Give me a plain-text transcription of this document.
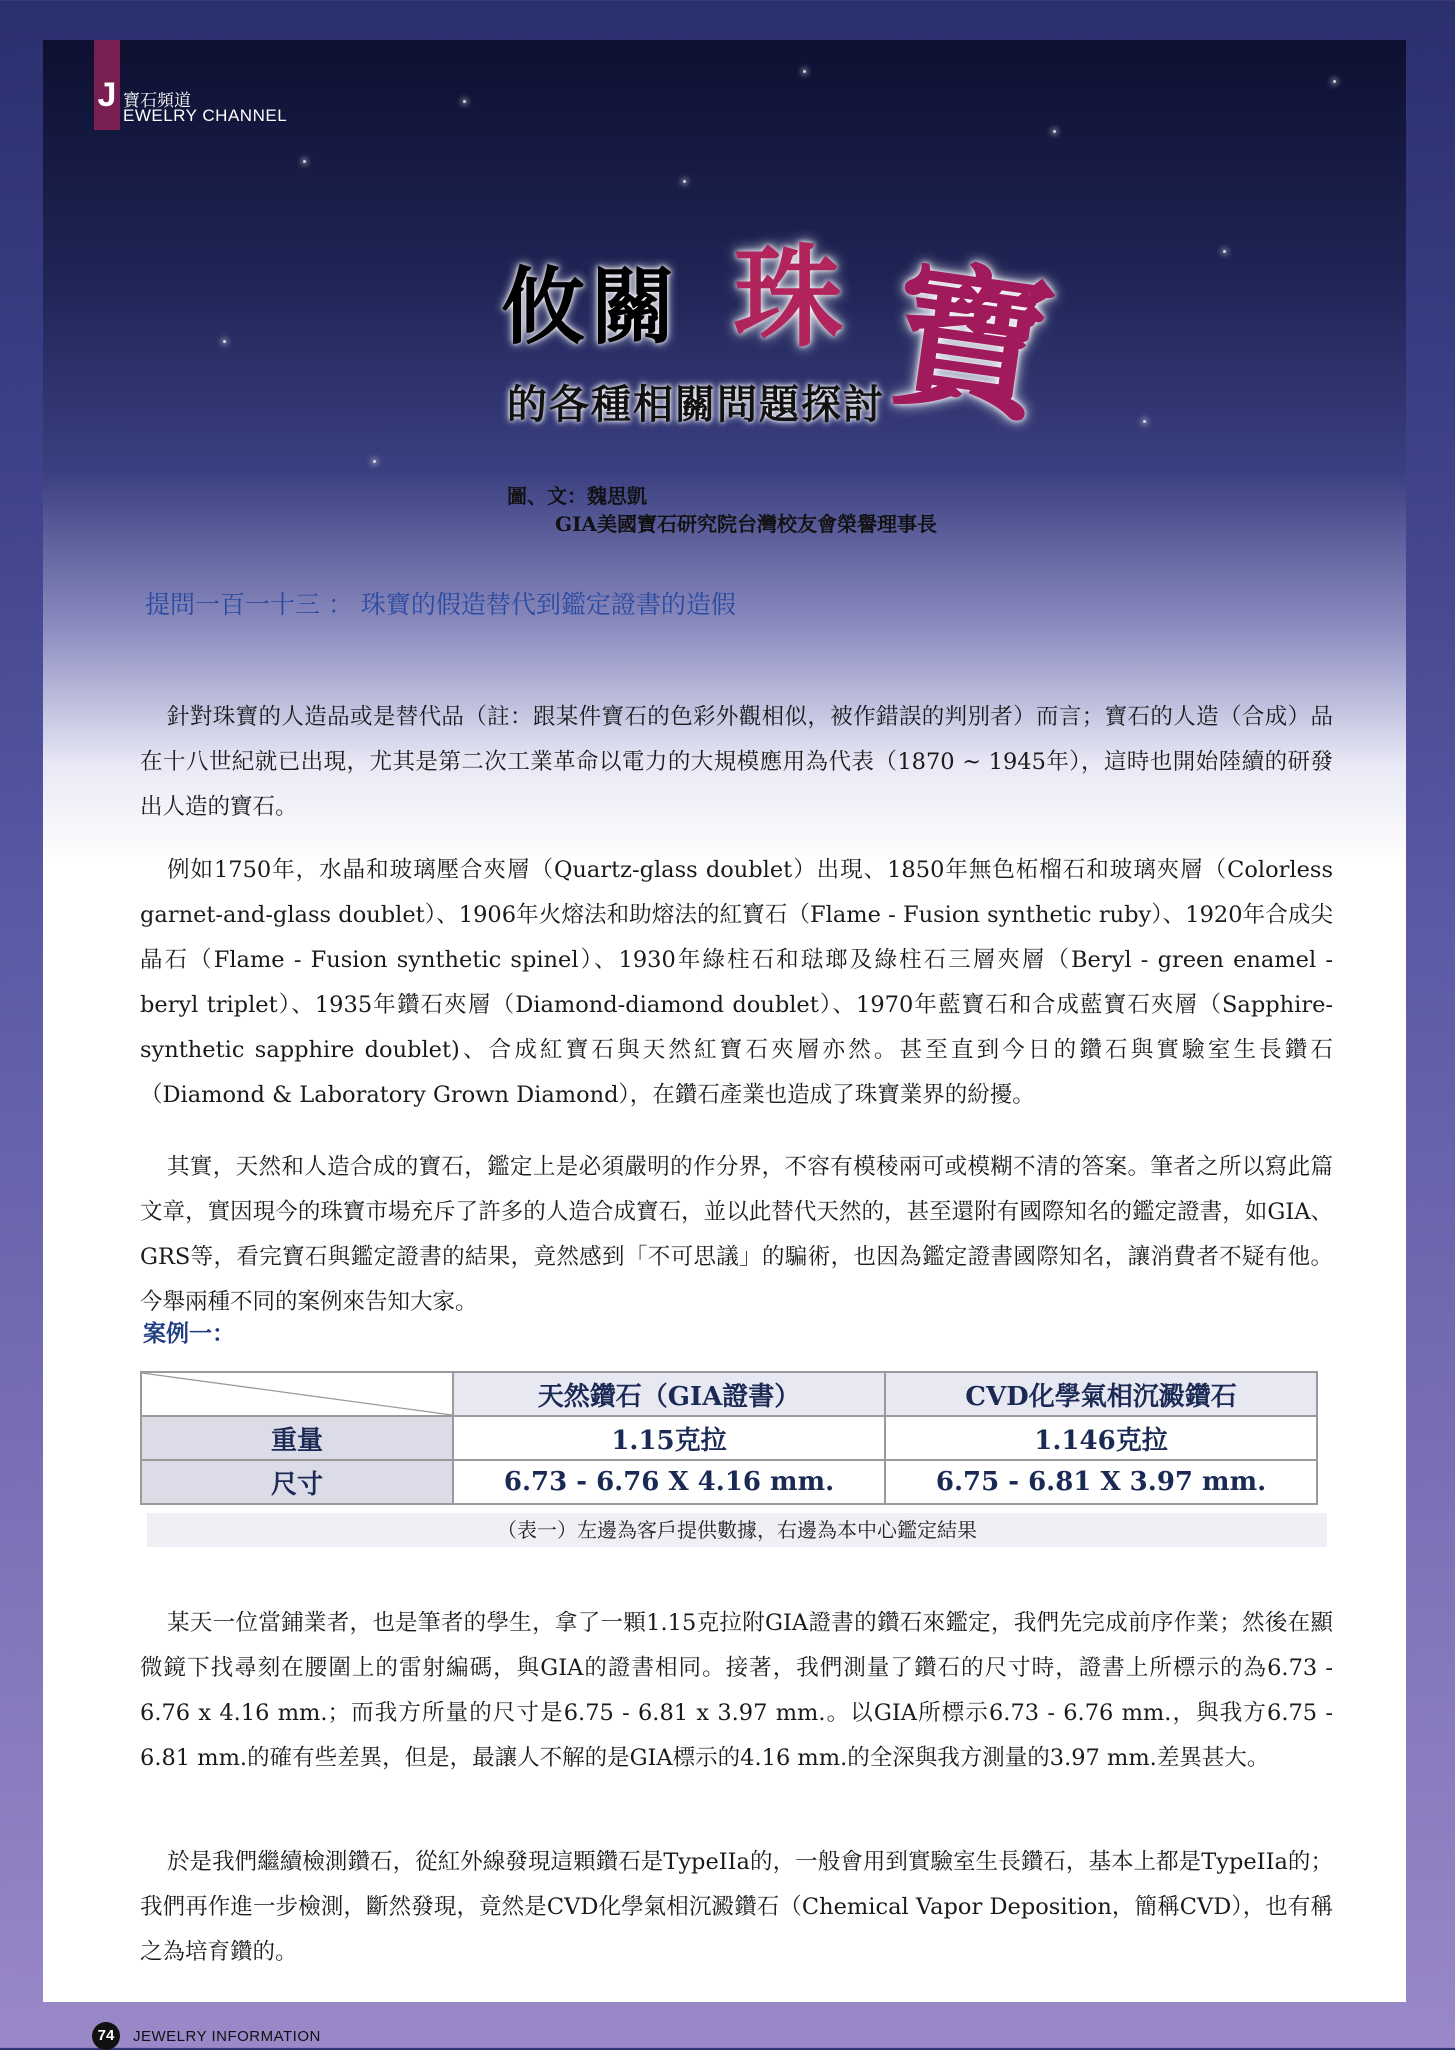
J 寶石頻道
EWELRY CHANNEL
攸關 珠 寶
的各種相關問題探討
圖、文：魏思凱
GIA美國寶石研究院台灣校友會榮譽理事長
提問一百一十三 ： 珠寶的假造替代到鑑定證書的造假

針對珠寶的人造品或是替代品（註：跟某件寶石的色彩外觀相似，被作錯誤的判別者）而言；寶石的人造（合成）品在十八世紀就已出現，尤其是第二次工業革命以電力的大規模應用為代表（1870 ~ 1945年），這時也開始陸續的研發出人造的寶石。

例如1750年，水晶和玻璃壓合夾層（Quartz-glass doublet）出現、1850年無色柘榴石和玻璃夾層（Colorless garnet-and-glass doublet）、1906年火熔法和助熔法的紅寶石（Flame - Fusion synthetic ruby）、1920年合成尖晶石（Flame - Fusion synthetic spinel）、1930年綠柱石和琺瑯及綠柱石三層夾層（Beryl - green enamel - beryl triplet）、1935年鑽石夾層（Diamond-diamond doublet）、1970年藍寶石和合成藍寶石夾層（Sapphire-synthetic sapphire doublet)、合成紅寶石與天然紅寶石夾層亦然。甚至直到今日的鑽石與實驗室生長鑽石（Diamond & Laboratory Grown Diamond），在鑽石產業也造成了珠寶業界的紛擾。

其實，天然和人造合成的寶石，鑑定上是必須嚴明的作分界，不容有模稜兩可或模糊不清的答案。筆者之所以寫此篇文章，實因現今的珠寶市場充斥了許多的人造合成寶石，並以此替代天然的，甚至還附有國際知名的鑑定證書，如GIA、GRS等，看完寶石與鑑定證書的結果，竟然感到「不可思議」的騙術，也因為鑑定證書國際知名，讓消費者不疑有他。今舉兩種不同的案例來告知大家。

案例一：
	天然鑽石（GIA證書）	CVD化學氣相沉澱鑽石
重量	1.15克拉	1.146克拉
尺寸	6.73 - 6.76 X 4.16 mm.	6.75 - 6.81 X 3.97 mm.
（表一）左邊為客戶提供數據，右邊為本中心鑑定結果

某天一位當鋪業者，也是筆者的學生，拿了一顆1.15克拉附GIA證書的鑽石來鑑定，我們先完成前序作業；然後在顯微鏡下找尋刻在腰圍上的雷射編碼，與GIA的證書相同。接著，我們測量了鑽石的尺寸時，證書上所標示的為6.73 - 6.76 x 4.16 mm.；而我方所量的尺寸是6.75 - 6.81 x 3.97 mm.。以GIA所標示6.73 - 6.76 mm.，與我方6.75 - 6.81 mm.的確有些差異，但是，最讓人不解的是GIA標示的4.16 mm.的全深與我方測量的3.97 mm.差異甚大。

於是我們繼續檢測鑽石，從紅外線發現這顆鑽石是TypeIIa的，一般會用到實驗室生長鑽石，基本上都是TypeIIa的；我們再作進一步檢測，斷然發現，竟然是CVD化學氣相沉澱鑽石（Chemical Vapor Deposition，簡稱CVD），也有稱之為培育鑽的。

74	JEWELRY INFORMATION
